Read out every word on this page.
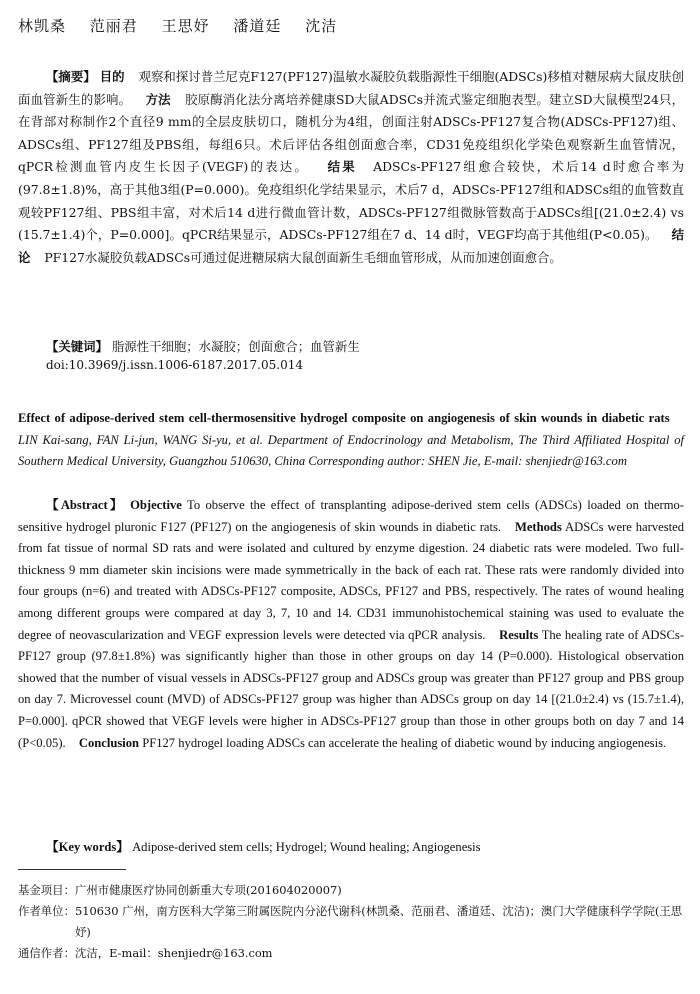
林凯桑 范丽君 王思妤 潘道廷 沈洁
【摘要】 目的 观察和探讨普兰尼克F127(PF127)温敏水凝胶负载脂源性干细胞(ADSCs)移植对糖尿病大鼠皮肤创面血管新生的影响。 方法 胶原酶消化法分离培养健康SD大鼠ADSCs并流式鉴定细胞表型。建立SD大鼠模型24只，在背部对称制作2个直径9 mm的全层皮肤切口，随机分为4组，创面注射ADSCs-PF127复合物(ADSCs-PF127)组、ADSCs组、PF127组及PBS组，每组6只。术后评估各组创面愈合率，CD31免疫组织化学染色观察新生血管情况，qPCR检测血管内皮生长因子(VEGF)的表达。 结果 ADSCs-PF127组愈合较快，术后14 d时愈合率为(97.8±1.8)%，高于其他3组(P=0.000)。免疫组织化学结果显示，术后7 d，ADSCs-PF127组和ADSCs组的血管数直观较PF127组、PBS组丰富，对术后14 d进行微血管计数，ADSCs-PF127组微脉管数高于ADSCs组[(21.0±2.4) vs (15.7±1.4)个，P=0.000]。qPCR结果显示，ADSCs-PF127组在7 d、14 d时，VEGF均高于其他组(P<0.05)。 结论 PF127水凝胶负载ADSCs可通过促进糖尿病大鼠创面新生毛细血管形成，从而加速创面愈合。
【关键词】 脂源性干细胞；水凝胶；创面愈合；血管新生
doi:10.3969/j.issn.1006-6187.2017.05.014
Effect of adipose-derived stem cell-thermosensitive hydrogel composite on angiogenesis of skin wounds in diabetic rats  LIN Kai-sang, FAN Li-jun, WANG Si-yu, et al. Department of Endocrinology and Metabolism, The Third Affiliated Hospital of Southern Medical University, Guangzhou 510630, China Corresponding author: SHEN Jie, E-mail: shenjiedr@163.com
【Abstract】 Objective To observe the effect of transplanting adipose-derived stem cells (ADSCs) loaded on thermo-sensitive hydrogel pluronic F127 (PF127) on the angiogenesis of skin wounds in diabetic rats. Methods ADSCs were harvested from fat tissue of normal SD rats and were isolated and cultured by enzyme digestion. 24 diabetic rats were modeled. Two full-thickness 9 mm diameter skin incisions were made symmetrically in the back of each rat. These rats were randomly divided into four groups (n=6) and treated with ADSCs-PF127 composite, ADSCs, PF127 and PBS, respectively. The rates of wound healing among different groups were compared at day 3, 7, 10 and 14. CD31 immunohistochemical staining was used to evaluate the degree of neovascularization and VEGF expression levels were detected via qPCR analysis. Results The healing rate of ADSCs-PF127 group (97.8±1.8%) was significantly higher than those in other groups on day 14 (P=0.000). Histological observation showed that the number of visual vessels in ADSCs-PF127 group and ADSCs group was greater than PF127 group and PBS group on day 7. Microvessel count (MVD) of ADSCs-PF127 group was higher than ADSCs group on day 14 [(21.0±2.4) vs (15.7±1.4), P=0.000]. qPCR showed that VEGF levels were higher in ADSCs-PF127 group than those in other groups both on day 7 and 14 (P<0.05). Conclusion PF127 hydrogel loading ADSCs can accelerate the healing of diabetic wound by inducing angiogenesis.
【Key words】 Adipose-derived stem cells; Hydrogel; Wound healing; Angiogenesis
基金项目： 广州市健康医疗协同创新重大专项(201604020007)
作者单位： 510630 广州，南方医科大学第三附属医院内分泌代谢科(林凯桑、范丽君、潘道廷、沈洁)；澳门大学健康科学学院(王思妤)
通信作者： 沈洁，E-mail：shenjiedr@163.com
